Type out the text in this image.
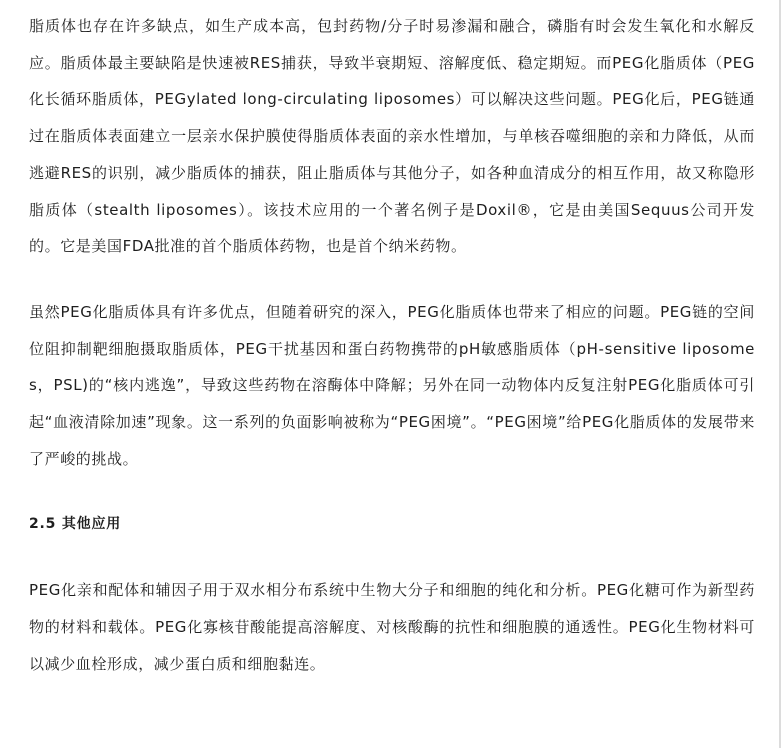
脂质体也存在许多缺点，如生产成本高，包封药物/分子时易渗漏和融合，磷脂有时会发生氧化和水解反应。脂质体最主要缺陷是快速被RES捕获，导致半衰期短、溶解度低、稳定期短。而PEG化脂质体（PEG化长循环脂质体，PEGylated long-circulating liposomes）可以解决这些问题。PEG化后，PEG链通过在脂质体表面建立一层亲水保护膜使得脂质体表面的亲水性增加，与单核吞噬细胞的亲和力降低，从而逃避RES的识别，减少脂质体的捕获，阻止脂质体与其他分子，如各种血清成分的相互作用，故又称隐形脂质体（stealth liposomes）。该技术应用的一个著名例子是Doxil®，它是由美国Sequus公司开发的。它是美国FDA批准的首个脂质体药物，也是首个纳米药物。

虽然PEG化脂质体具有许多优点，但随着研究的深入，PEG化脂质体也带来了相应的问题。PEG链的空间位阻抑制靶细胞摄取脂质体，PEG干扰基因和蛋白药物携带的pH敏感脂质体（pH-sensitive liposomes，PSL)的“核内逃逸”，导致这些药物在溶酶体中降解；另外在同一动物体内反复注射PEG化脂质体可引起“血液清除加速”现象。这一系列的负面影响被称为“PEG困境”。“PEG困境”给PEG化脂质体的发展带来了严峻的挑战。

2.5 其他应用

PEG化亲和配体和辅因子用于双水相分布系统中生物大分子和细胞的纯化和分析。PEG化糖可作为新型药物的材料和载体。PEG化寡核苷酸能提高溶解度、对核酸酶的抗性和细胞膜的通透性。PEG化生物材料可以减少血栓形成，减少蛋白质和细胞黏连。
